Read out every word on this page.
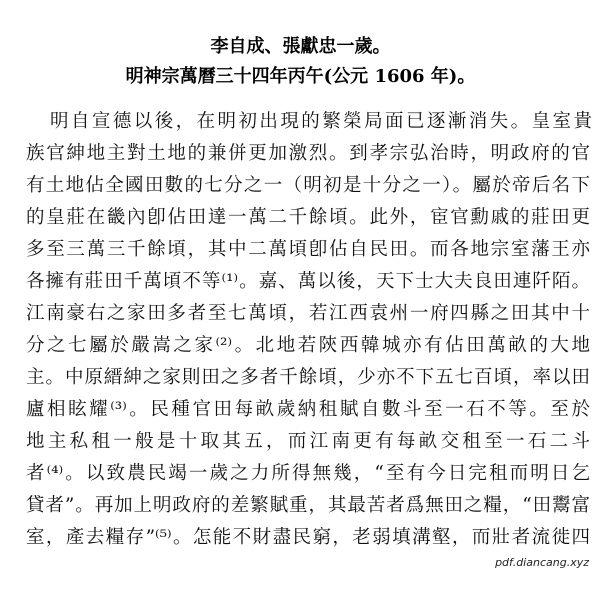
李自成、張獻忠一歲。
明神宗萬曆三十四年丙午(公元 1606 年)。
明自宣德以後，在明初出現的繁榮局面已逐漸消失。皇室貴
族官紳地主對土地的兼併更加激烈。到孝宗弘治時，明政府的官
有土地佔全國田數的七分之一（明初是十分之一）。屬於帝后名下
的皇莊在畿內卽佔田達一萬二千餘頃。此外，宦官勳戚的莊田更
多至三萬三千餘頃，其中二萬頃卽佔自民田。而各地宗室藩王亦
各擁有莊田千萬頃不等⁽¹⁾。嘉、萬以後，天下士大夫良田連阡陌。
江南豪右之家田多者至七萬頃，若江西袁州一府四縣之田其中十
分之七屬於嚴嵩之家⁽²⁾。北地若陝西韓城亦有佔田萬畝的大地
主。中原縉紳之家則田之多者千餘頃，少亦不下五七百頃，率以田
廬相眩耀⁽³⁾。民種官田每畝歲納租賦自數斗至一石不等。至於
地主私租一般是十取其五，而江南更有每畝交租至一石二斗
者⁽⁴⁾。以致農民竭一歲之力所得無幾，“至有今日完租而明日乞
貸者”。再加上明政府的差繁賦重，其最苦者爲無田之糧，“田鬻富
室，產去糧存”⁽⁵⁾。怎能不財盡民窮，老弱填溝壑，而壯者流徙四
pdf.diancang.xyz
